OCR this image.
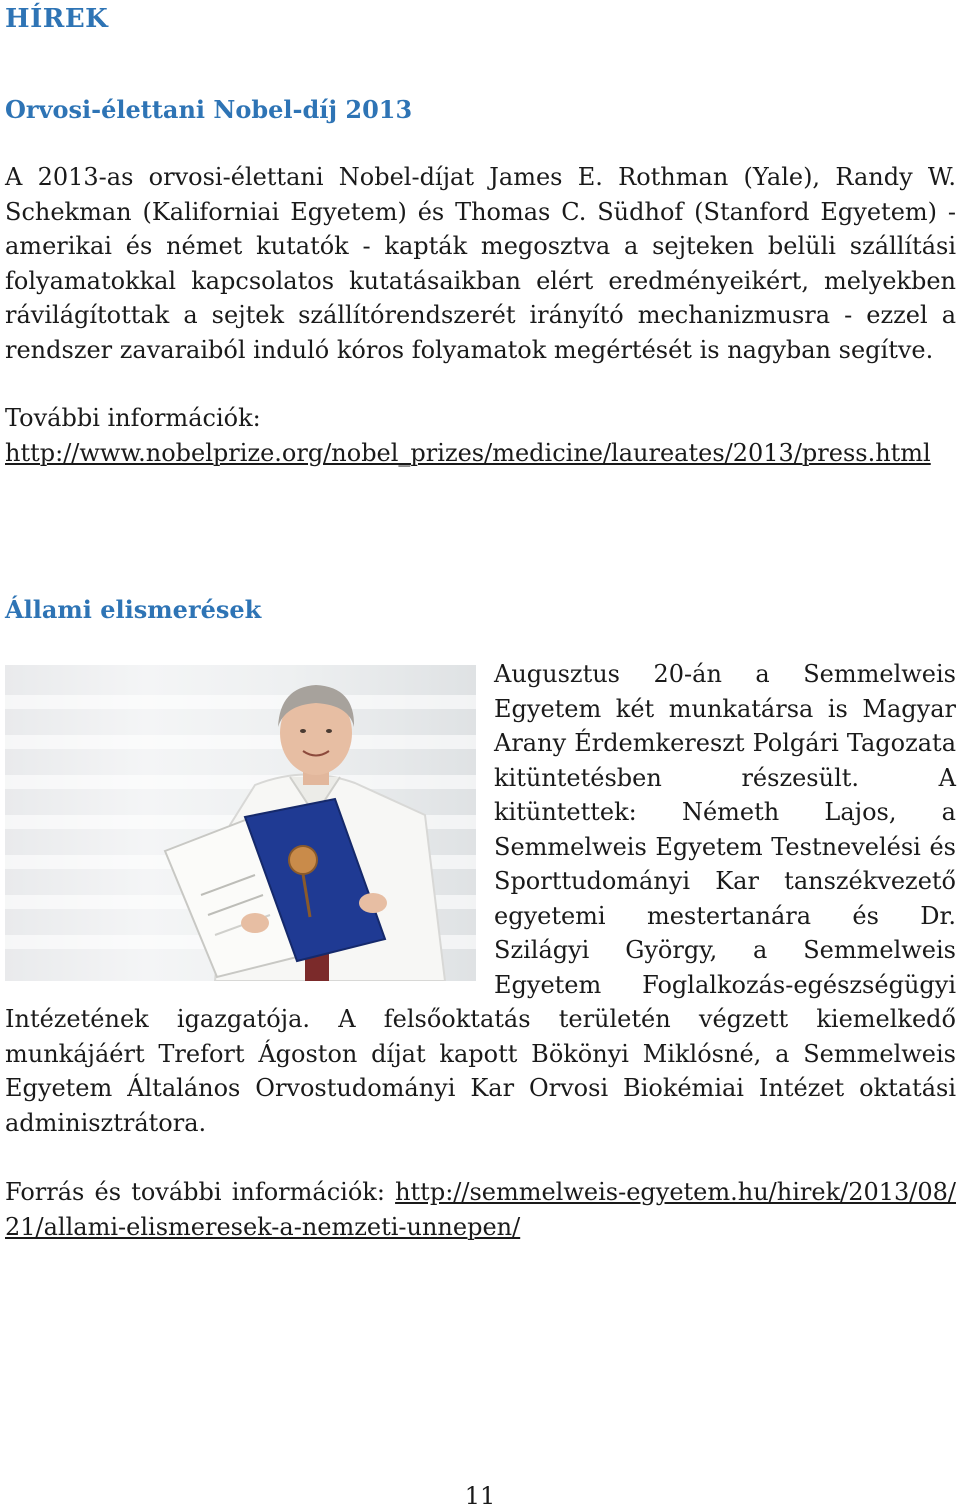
HÍREK
Orvosi-élettani Nobel-díj 2013

A 2013-as orvosi-élettani Nobel-díjat James E. Rothman (Yale), Randy W. Schekman (Kaliforniai Egyetem) és Thomas C. Südhof (Stanford Egyetem) - amerikai és német kutatók - kapták megosztva a sejteken belüli szállítási folyamatokkal kapcsolatos kutatásaikban elért eredményeikért, melyekben rávilágítottak a sejtek szállítórendszerét irányító mechanizmusra - ezzel a rendszer zavaraiból induló kóros folyamatok megértését is nagyban segítve.

További információk:
http://www.nobelprize.org/nobel_prizes/medicine/laureates/2013/press.html

Állami elismerések

Augusztus 20-án a Semmelweis Egyetem két munkatársa is Magyar Arany Érdemkereszt Polgári Tagozata kitüntetésben részesült. A kitüntettek: Németh Lajos, a Semmelweis Egyetem Testnevelési és Sporttudományi Kar tanszékvezető egyetemi mestertanára és Dr. Szilágyi György, a Semmelweis Egyetem Foglalkozás-egészségügyi Intézetének igazgatója. A felsőoktatás területén végzett kiemelkedő munkájáért Trefort Ágoston díjat kapott Bökönyi Miklósné, a Semmelweis Egyetem Általános Orvostudományi Kar Orvosi Biokémiai Intézet oktatási adminisztrátora.

Forrás és további információk: http://semmelweis-egyetem.hu/hirek/2013/08/21/allami-elismeresek-a-nemzeti-unnepen/

11
